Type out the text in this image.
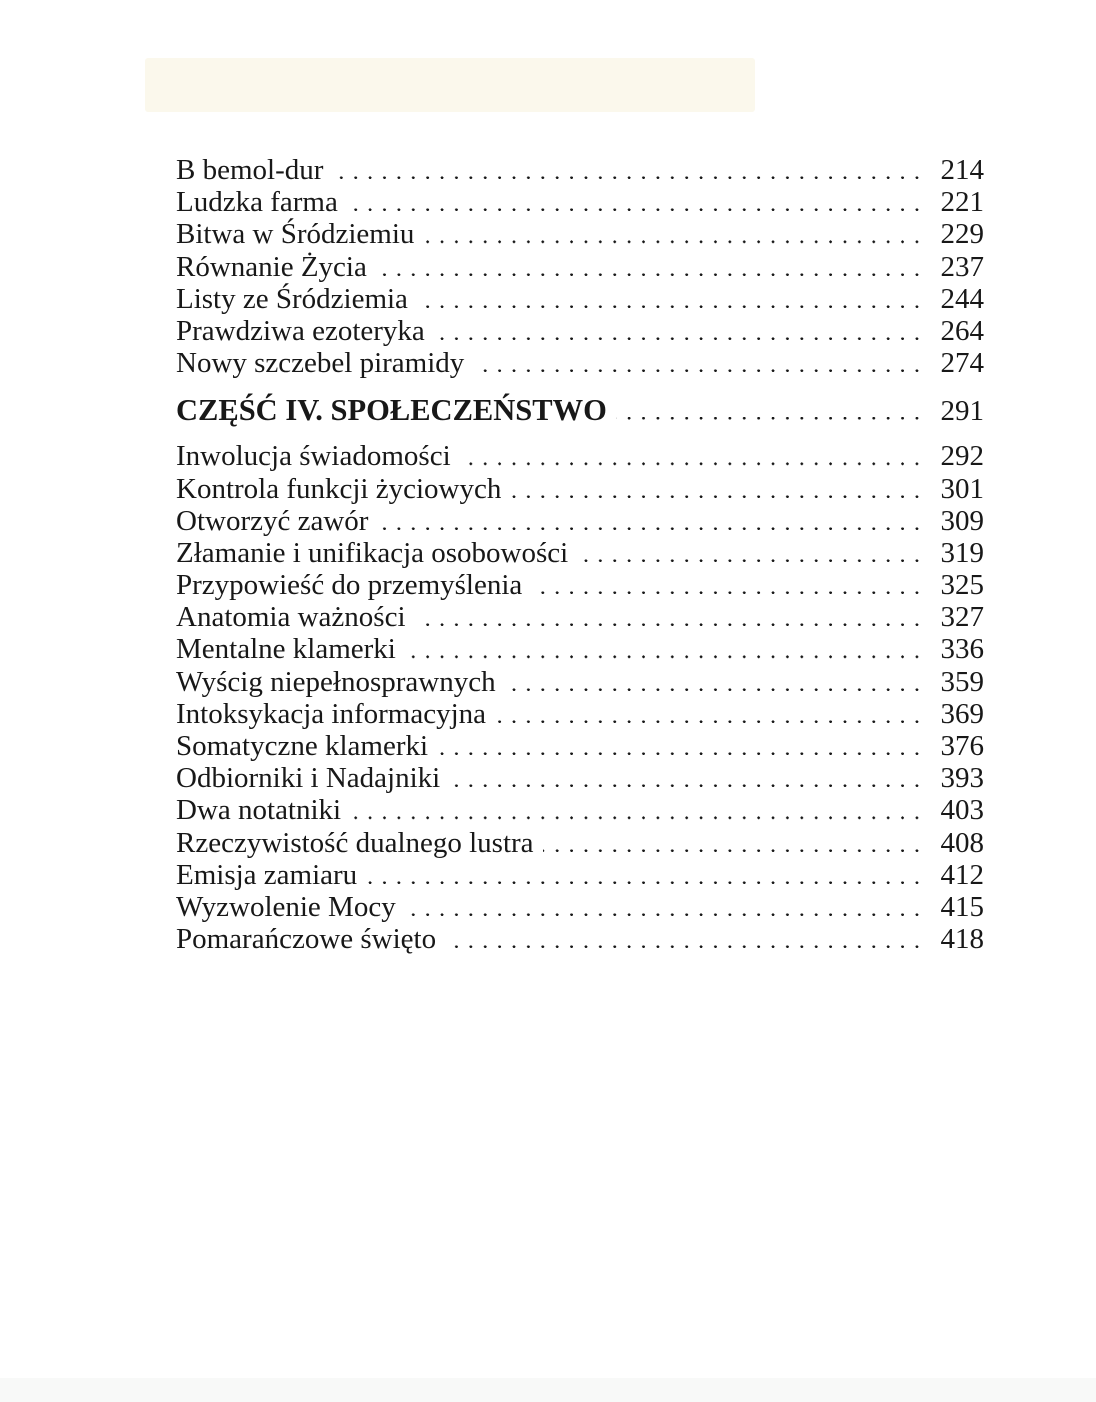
B bemol-dur	214
Ludzka farma	221
Bitwa w Śródziemiu	229
Równanie Życia	237
Listy ze Śródziemia	244
Prawdziwa ezoteryka	264
Nowy szczebel piramidy	274
CZĘŚĆ IV. SPOŁECZEŃSTWO	291
Inwolucja świadomości	292
Kontrola funkcji życiowych	301
Otworzyć zawór	309
Złamanie i unifikacja osobowości	319
Przypowieść do przemyślenia	325
Anatomia ważności	327
Mentalne klamerki	336
Wyścig niepełnosprawnych	359
Intoksykacja informacyjna	369
Somatyczne klamerki	376
Odbiorniki i Nadajniki	393
Dwa notatniki	403
Rzeczywistość dualnego lustra	408
Emisja zamiaru	412
Wyzwolenie Mocy	415
Pomarańczowe święto	418
